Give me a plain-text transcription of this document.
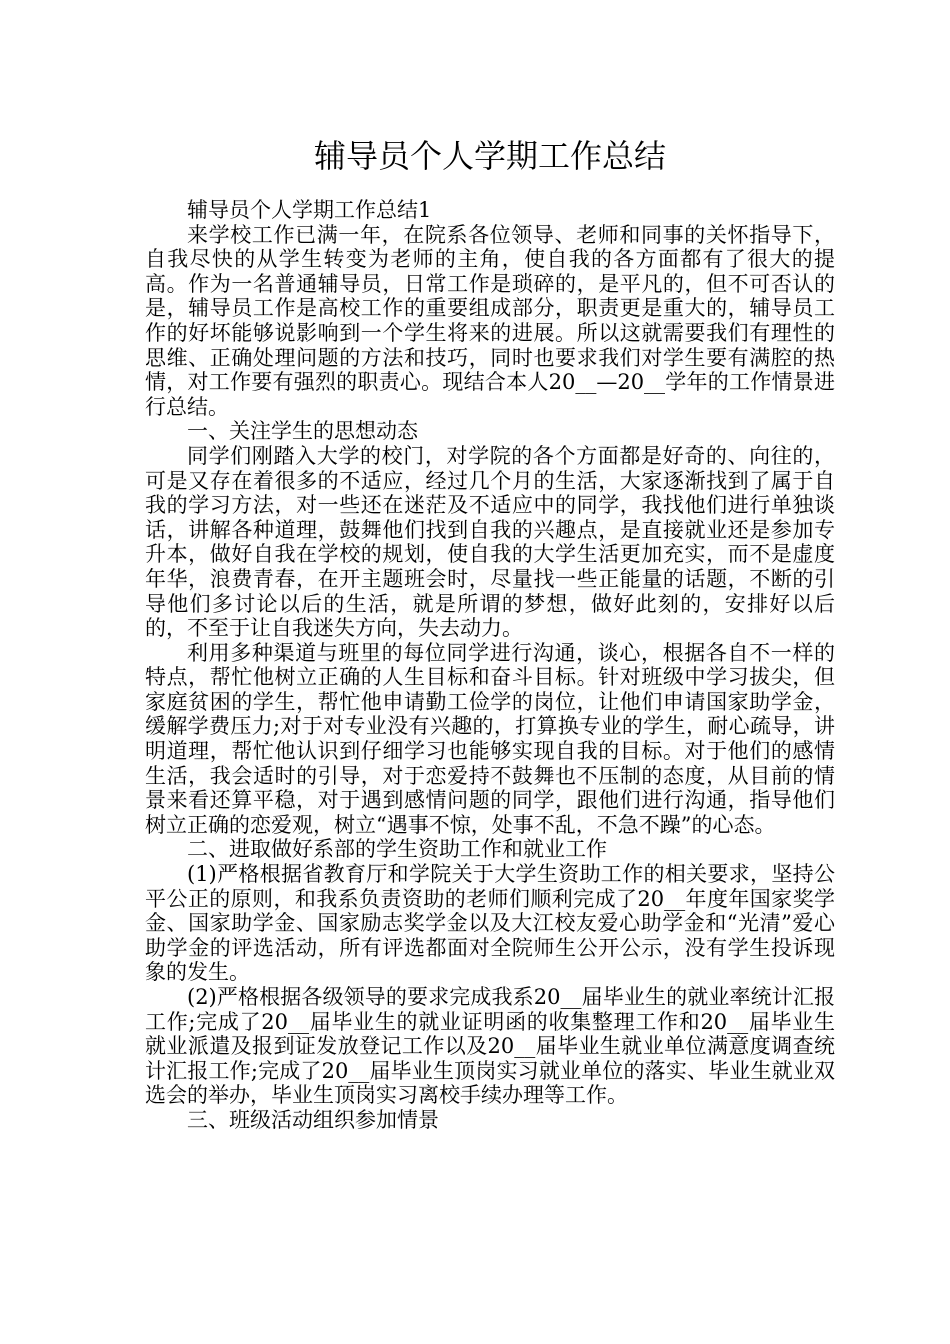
辅导员个人学期工作总结

辅导员个人学期工作总结1

来学校工作已满一年，在院系各位领导、老师和同事的关怀指导下，自我尽快的从学生转变为老师的主角，使自我的各方面都有了很大的提高。作为一名普通辅导员，日常工作是琐碎的，是平凡的，但不可否认的是，辅导员工作是高校工作的重要组成部分，职责更是重大的，辅导员工作的好坏能够说影响到一个学生将来的进展。所以这就需要我们有理性的思维、正确处理问题的方法和技巧，同时也要求我们对学生要有满腔的热情，对工作要有强烈的职责心。现结合本人20__—20__学年的工作情景进行总结。

一、关注学生的思想动态

同学们刚踏入大学的校门，对学院的各个方面都是好奇的、向往的，可是又存在着很多的不适应，经过几个月的生活，大家逐渐找到了属于自我的学习方法，对一些还在迷茫及不适应中的同学，我找他们进行单独谈话，讲解各种道理，鼓舞他们找到自我的兴趣点，是直接就业还是参加专升本，做好自我在学校的规划，使自我的大学生活更加充实，而不是虚度年华，浪费青春，在开主题班会时，尽量找一些正能量的话题，不断的引导他们多讨论以后的生活，就是所谓的梦想，做好此刻的，安排好以后的，不至于让自我迷失方向，失去动力。

利用多种渠道与班里的每位同学进行沟通，谈心，根据各自不一样的特点，帮忙他树立正确的人生目标和奋斗目标。针对班级中学习拔尖，但家庭贫困的学生，帮忙他申请勤工俭学的岗位，让他们申请国家助学金，缓解学费压力;对于对专业没有兴趣的，打算换专业的学生，耐心疏导，讲明道理，帮忙他认识到仔细学习也能够实现自我的目标。对于他们的感情生活，我会适时的引导，对于恋爱持不鼓舞也不压制的态度，从目前的情景来看还算平稳，对于遇到感情问题的同学，跟他们进行沟通，指导他们树立正确的恋爱观，树立“遇事不惊，处事不乱，不急不躁”的心态。

二、进取做好系部的学生资助工作和就业工作

(1)严格根据省教育厅和学院关于大学生资助工作的相关要求，坚持公平公正的原则，和我系负责资助的老师们顺利完成了20__年度年国家奖学金、国家助学金、国家励志奖学金以及大江校友爱心助学金和“光清”爱心助学金的评选活动，所有评选都面对全院师生公开公示，没有学生投诉现象的发生。

(2)严格根据各级领导的要求完成我系20__届毕业生的就业率统计汇报工作;完成了20__届毕业生的就业证明函的收集整理工作和20__届毕业生就业派遣及报到证发放登记工作以及20__届毕业生就业单位满意度调查统计汇报工作;完成了20__届毕业生顶岗实习就业单位的落实、毕业生就业双选会的举办，毕业生顶岗实习离校手续办理等工作。

三、班级活动组织参加情景
